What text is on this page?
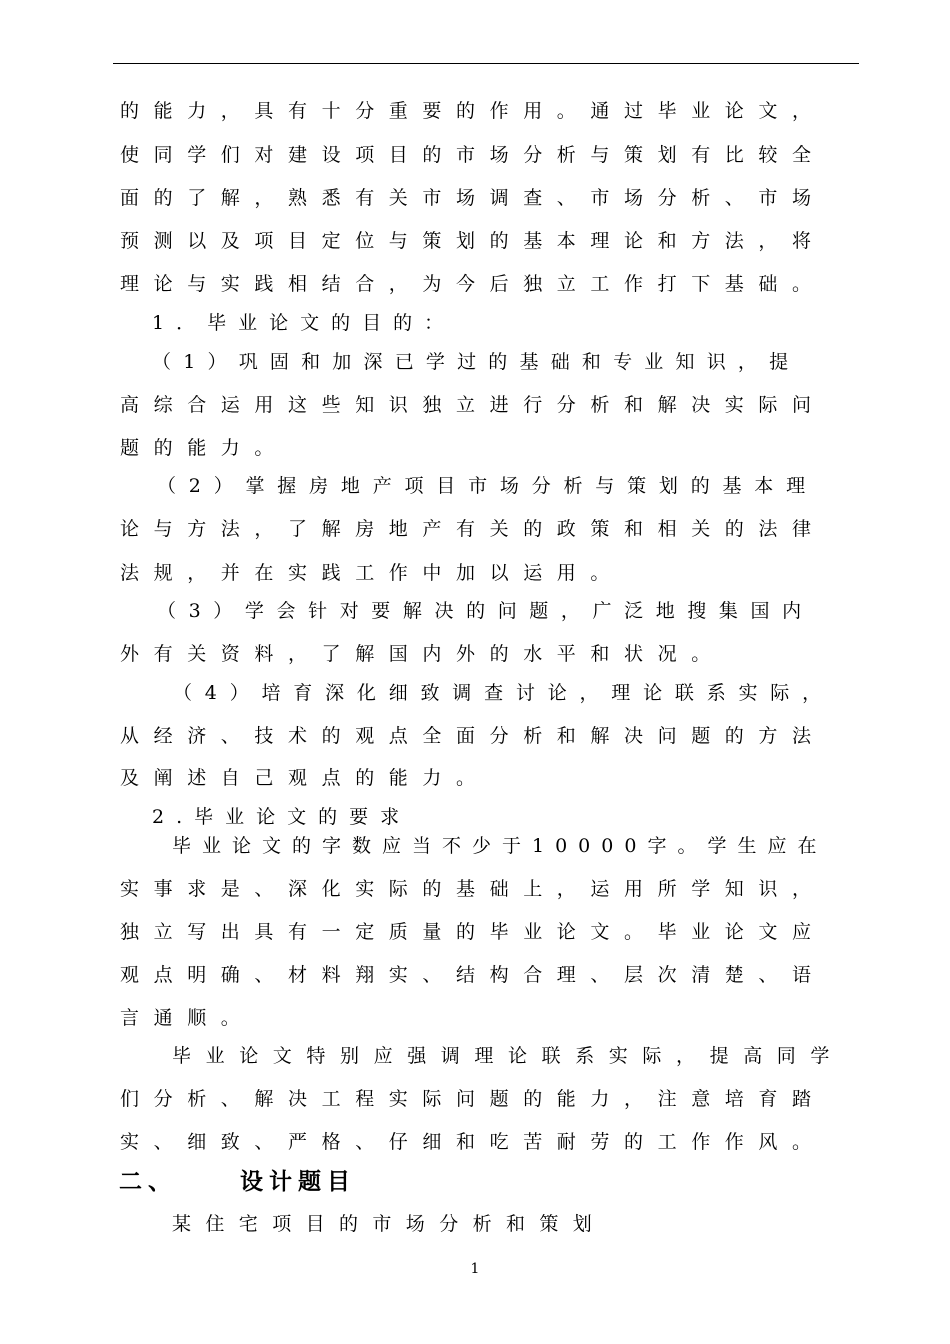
的能力，具有十分重要的作用。通过毕业论文，
使同学们对建设项目的市场分析与策划有比较全
面的了解，熟悉有关市场调查、市场分析、市场
预测以及项目定位与策划的基本理论和方法，将
理论与实践相结合，为今后独立工作打下基础。
1．毕业论文的目的：
（1）巩固和加深已学过的基础和专业知识，提
高综合运用这些知识独立进行分析和解决实际问
题的能力。
（2）掌握房地产项目市场分析与策划的基本理
论与方法，了解房地产有关的政策和相关的法律
法规，并在实践工作中加以运用。
（3）学会针对要解决的问题，广泛地搜集国内
外有关资料，了解国内外的水平和状况。
（4）培育深化细致调查讨论，理论联系实际，
从经济、技术的观点全面分析和解决问题的方法
及阐述自己观点的能力。
2.毕业论文的要求
毕业论文的字数应当不少于10000字。学生应在
实事求是、深化实际的基础上，运用所学知识，
独立写出具有一定质量的毕业论文。毕业论文应
观点明确、材料翔实、结构合理、层次清楚、语
言通顺。
毕业论文特别应强调理论联系实际，提高同学
们分析、解决工程实际问题的能力，注意培育踏
实、细致、严格、仔细和吃苦耐劳的工作作风。
二、	设计题目
某住宅项目的市场分析和策划
1
